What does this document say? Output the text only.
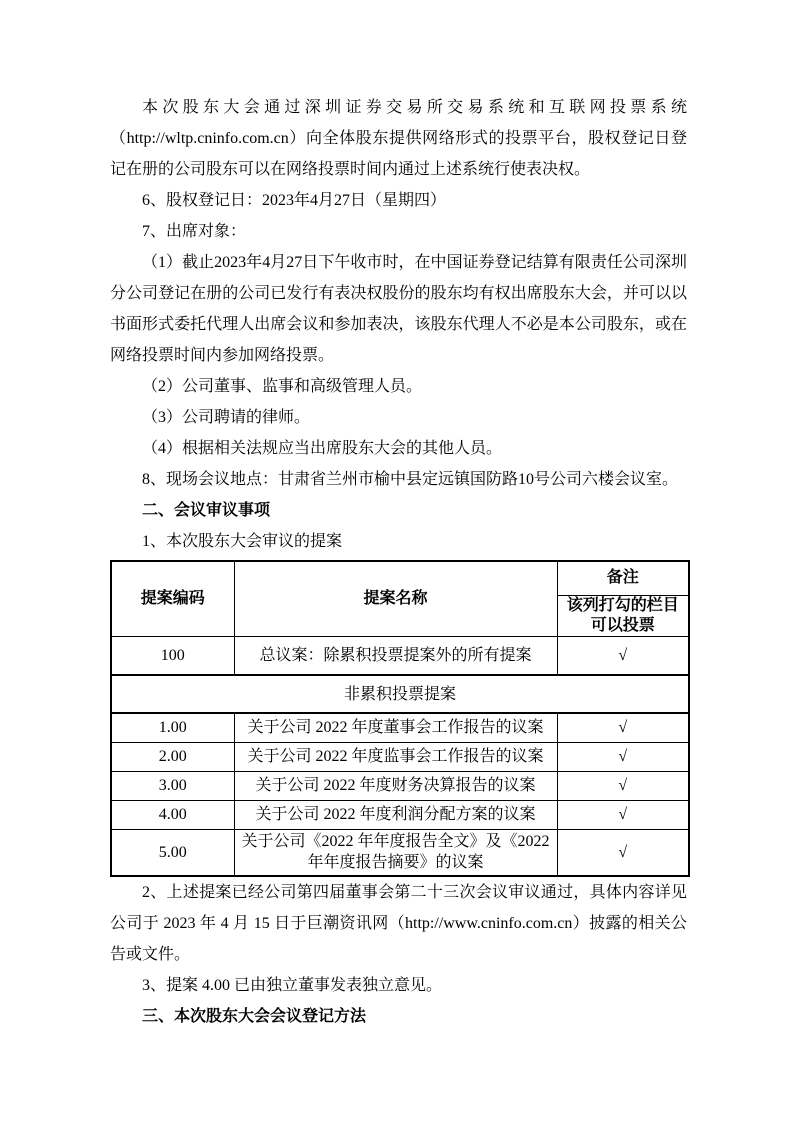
本次股东大会通过深圳证券交易所交易系统和互联网投票系统（http://wltp.cninfo.com.cn）向全体股东提供网络形式的投票平台，股权登记日登记在册的公司股东可以在网络投票时间内通过上述系统行使表决权。

6、股权登记日：2023年4月27日（星期四）

7、出席对象：

（1）截止2023年4月27日下午收市时，在中国证券登记结算有限责任公司深圳分公司登记在册的公司已发行有表决权股份的股东均有权出席股东大会，并可以以书面形式委托代理人出席会议和参加表决，该股东代理人不必是本公司股东，或在网络投票时间内参加网络投票。

（2）公司董事、监事和高级管理人员。

（3）公司聘请的律师。

（4）根据相关法规应当出席股东大会的其他人员。

8、现场会议地点：甘肃省兰州市榆中县定远镇国防路10号公司六楼会议室。

二、会议审议事项

1、本次股东大会审议的提案

提案编码	提案名称	备注
		该列打勾的栏目可以投票
100	总议案：除累积投票提案外的所有提案	√
非累积投票提案		
1.00	关于公司 2022 年度董事会工作报告的议案	√
2.00	关于公司 2022 年度监事会工作报告的议案	√
3.00	关于公司 2022 年度财务决算报告的议案	√
4.00	关于公司 2022 年度利润分配方案的议案	√
5.00	关于公司《2022 年年度报告全文》及《2022 年年度报告摘要》的议案	√

2、上述提案已经公司第四届董事会第二十三次会议审议通过，具体内容详见公司于 2023 年 4 月 15 日于巨潮资讯网（http://www.cninfo.com.cn）披露的相关公告或文件。

3、提案 4.00 已由独立董事发表独立意见。

三、本次股东大会会议登记方法
